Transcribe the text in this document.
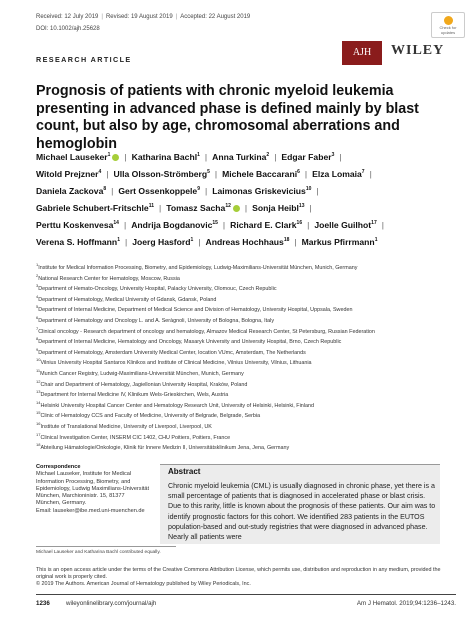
Received: 12 July 2019 | Revised: 19 August 2019 | Accepted: 22 August 2019
DOI: 10.1002/ajh.25628	Check for updates
RESEARCH ARTICLE
AJH	WILEY
Prognosis of patients with chronic myeloid leukemia presenting in advanced phase is defined mainly by blast count, but also by age, chromosomal aberrations and hemoglobin
Michael Lauseker$^1$ | Katharina Bachl$^1$ | Anna Turkina$^2$ | Edgar Faber$^3$ |
Witold Prejzner$^4$ | Ulla Olsson-Strömberg$^5$ | Michele Baccarani$^6$ | Elza Lomaia$^7$ |
Daniela Zackova$^8$ | Gert Ossenkoppele$^9$ | Laimonas Griskevicius$^{10}$ |
Gabriele Schubert-Fritschle$^{11}$ | Tomasz Sacha$^{12}$ | Sonja Heibl$^{13}$ |
Perttu Koskenvesa$^{14}$ | Andrija Bogdanovic$^{15}$ | Richard E. Clark$^{16}$ | Joelle Guilhot$^{17}$ |
Verena S. Hoffmann$^1$ | Joerg Hasford$^1$ | Andreas Hochhaus$^{18}$ | Markus Pfirrmann$^1$
$^1$Institute for Medical Information Processing, Biometry, and Epidemiology, Ludwig-Maximilians-Universität München, Munich, Germany
$^2$National Research Center for Hematology, Moscow, Russia
$^3$Department of Hemato-Oncology, University Hospital, Palacky University, Olomouc, Czech Republic
$^4$Department of Hematology, Medical University of Gdansk, Gdansk, Poland
$^5$Department of Internal Medicine, Department of Medical Science and Division of Hematology, University Hospital, Uppsala, Sweden
$^6$Department of Hematology and Oncology L. and A. Seràgnoli, University of Bologna, Bologna, Italy
$^7$Clinical oncology - Research department of oncology and hematology, Almazov Medical Research Center, St Petersburg, Russian Federation
$^8$Department of Internal Medicine, Hematology and Oncology, Masaryk University and University Hospital, Brno, Czech Republic
$^9$Department of Hematology, Amsterdam University Medical Center, location VUmc, Amsterdam, The Netherlands
$^{10}$Vilnius University Hospital Santaros Klinikos and Institute of Clinical Medicine, Vilnius University, Vilnius, Lithuania
$^{11}$Munich Cancer Registry, Ludwig-Maximilians-Universität München, Munich, Germany
$^{12}$Chair and Department of Hematology, Jagiellonian University Hospital, Kraków, Poland
$^{13}$Department for Internal Medicine IV, Klinikum Wels-Grieskirchen, Wels, Austria
$^{14}$Helsinki University Hospital Cancer Center and Hematology Research Unit, University of Helsinki, Helsinki, Finland
$^{15}$Clinic of Hematology CCS and Faculty of Medicine, University of Belgrade, Belgrade, Serbia
$^{16}$Institute of Translational Medicine, University of Liverpool, Liverpool, UK
$^{17}$Clinical Investigation Center, INSERM CIC 1402, CHU Poitiers, Poitiers, France
$^{18}$Abteilung Hämatologie/Onkologie, Klinik für Innere Medizin II, Universitätsklinikum Jena, Jena, Germany
Correspondence
Michael Lauseker, Institute for Medical
Information Processing, Biometry, and
Epidemiology, Ludwig Maximilians-Universität
München, Marchioninistr. 15, 81377
München, Germany.
Email: lauseker@ibe.med.uni-muenchen.de
Abstract
Chronic myeloid leukemia (CML) is usually diagnosed in chronic phase, yet there is a small percentage of patients that is diagnosed in accelerated phase or blast crisis. Due to this rarity, little is known about the prognosis of these patients. Our aim was to identify prognostic factors for this cohort. We identified 283 patients in the EUTOS population-based and out-study registries that were diagnosed in advanced phase. Nearly all patients were
Michael Lauseker and Katharina Bachl contributed equally.
This is an open access article under the terms of the Creative Commons Attribution License, which permits use, distribution and reproduction in any medium, provided the original work is properly cited.
© 2019 The Authors. American Journal of Hematology published by Wiley Periodicals, Inc.
1236	wileyonlinelibrary.com/journal/ajh	Am J Hematol. 2019;94:1236–1243.
